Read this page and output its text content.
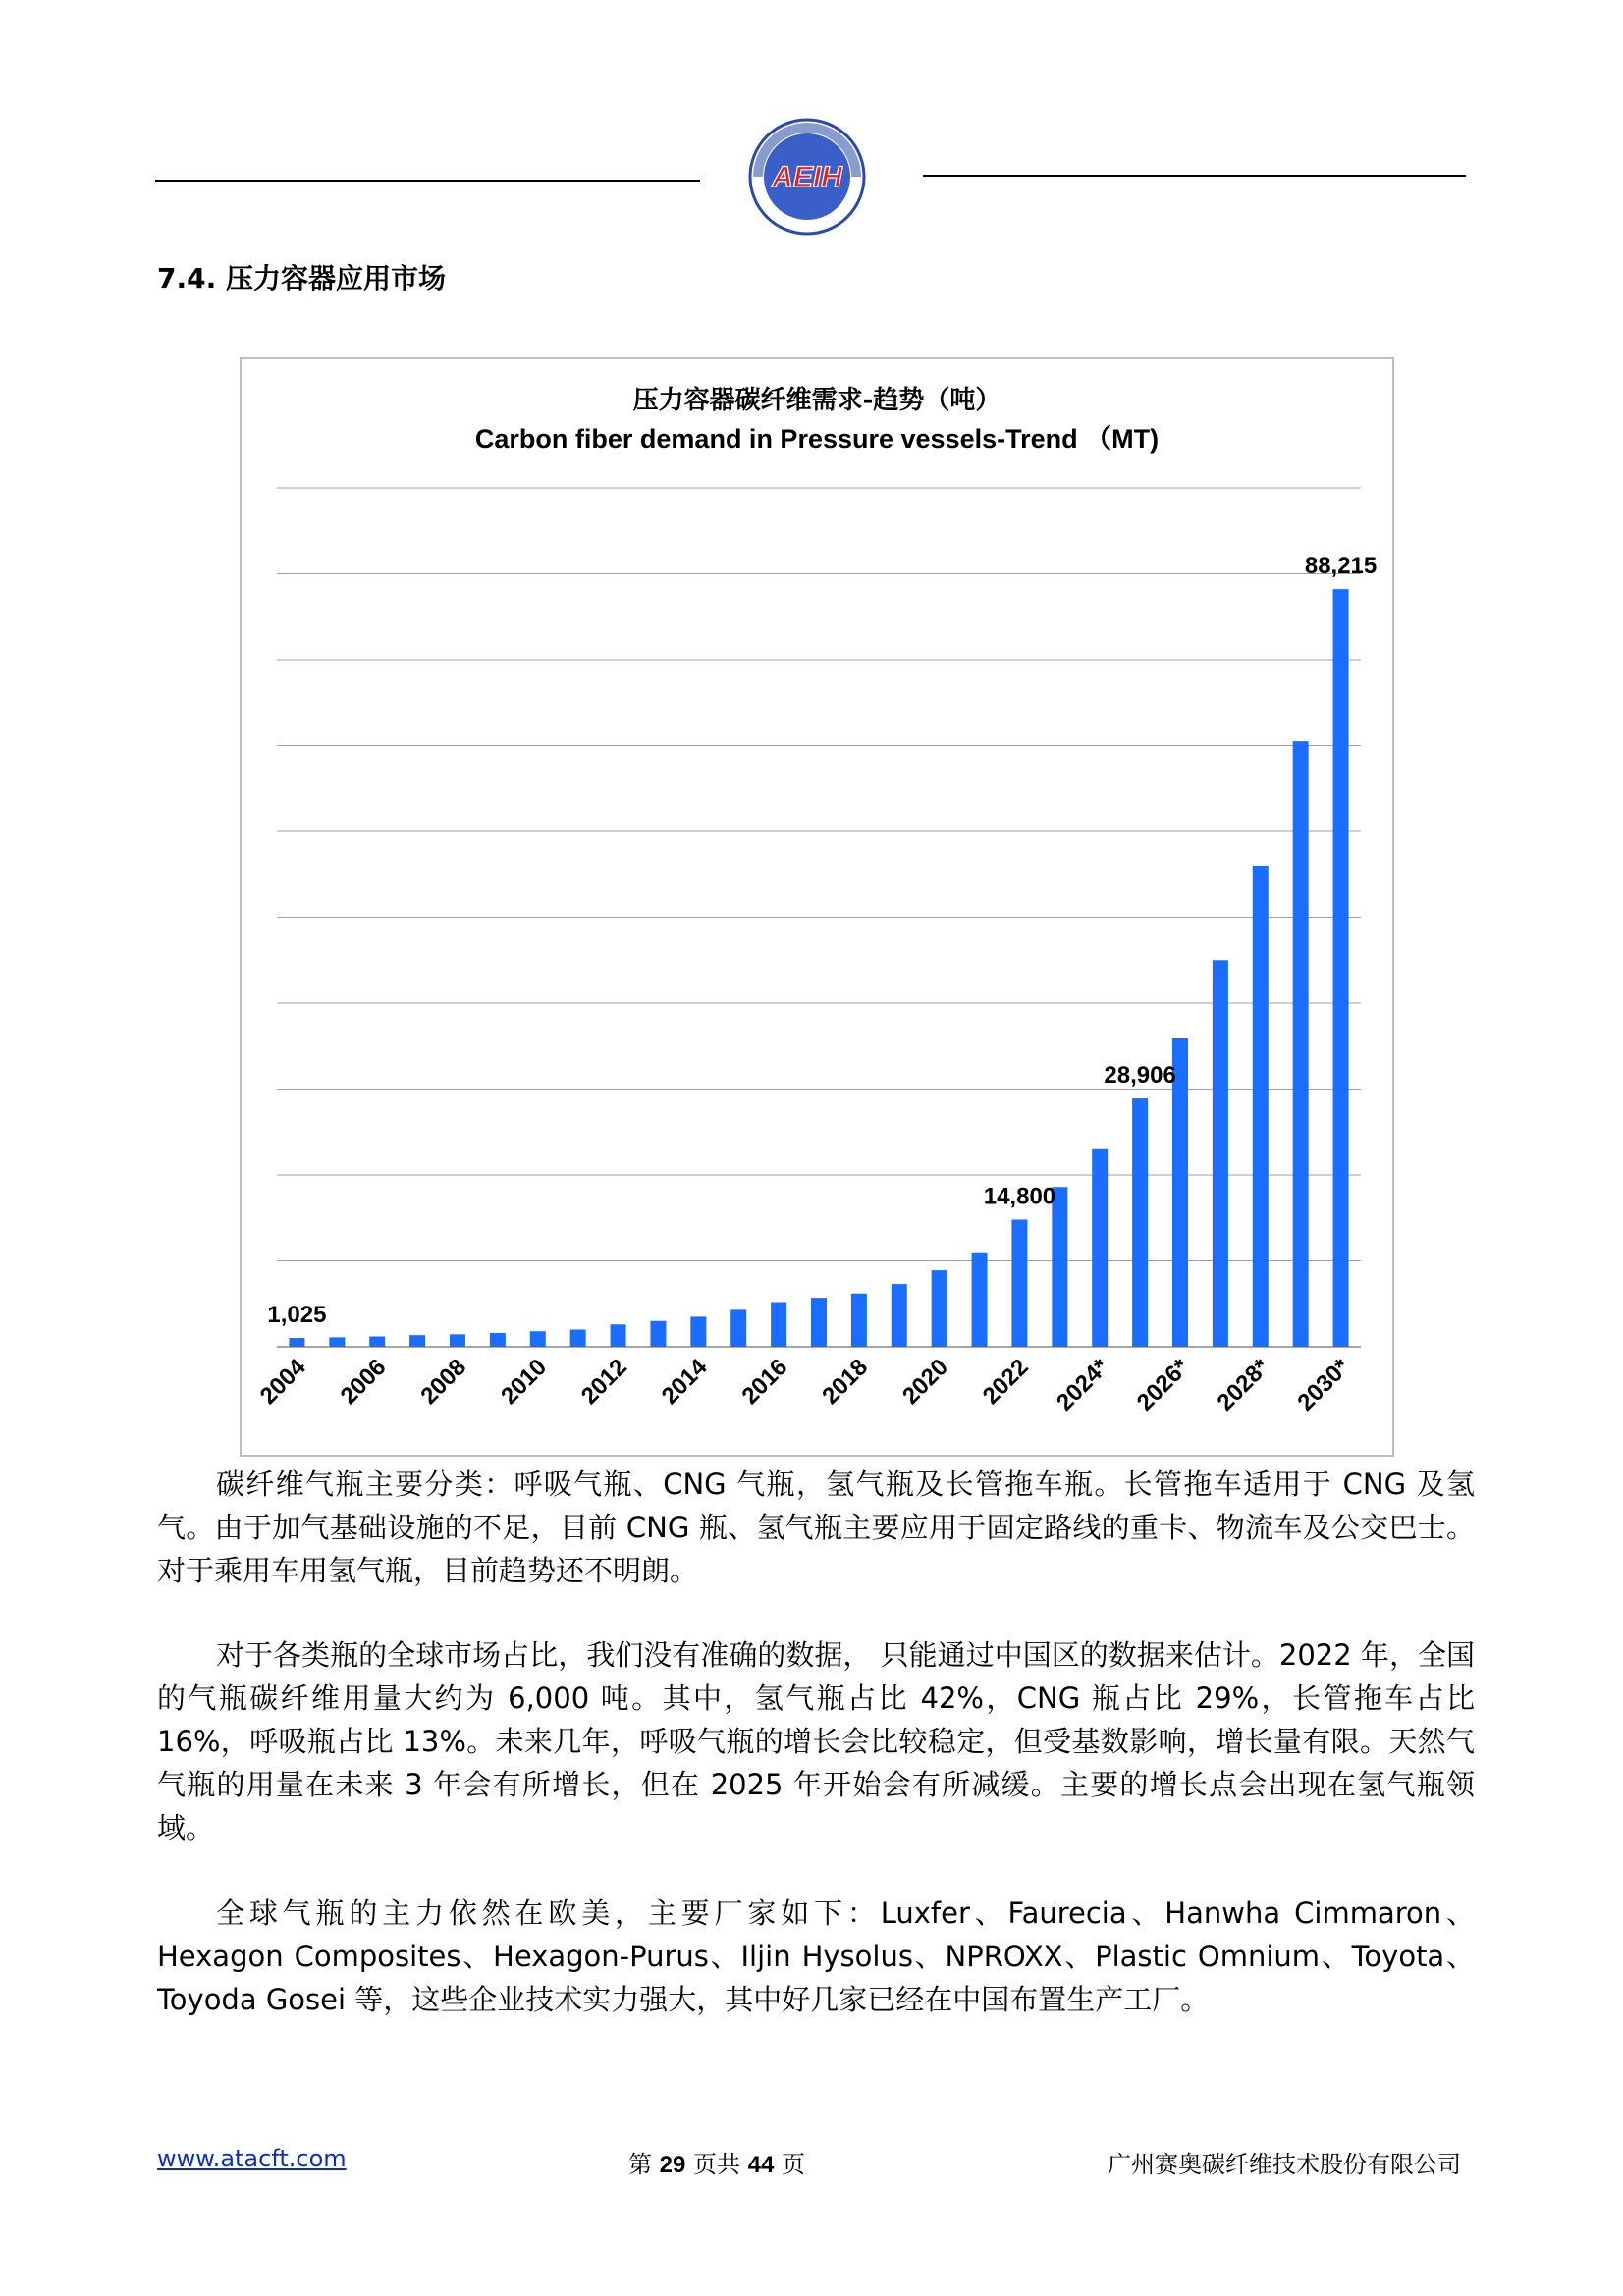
AEIH
7.4. 压力容器应用市场
压力容器碳纤维需求-趋势（吨）
Carbon fiber demand in Pressure vessels-Trend （MT)
1,025
14,800
28,906
88,215
2004 2006 2008 2010 2012 2014 2016 2018 2020 2022 2024* 2026* 2028* 2030*

碳纤维气瓶主要分类：呼吸气瓶、CNG 气瓶，氢气瓶及长管拖车瓶。长管拖车适用于 CNG 及氢气。由于加气基础设施的不足，目前 CNG 瓶、氢气瓶主要应用于固定路线的重卡、物流车及公交巴士。对于乘用车用氢气瓶，目前趋势还不明朗。

对于各类瓶的全球市场占比，我们没有准确的数据， 只能通过中国区的数据来估计。2022 年，全国的气瓶碳纤维用量大约为 6,000 吨。其中，氢气瓶占比 42%，CNG 瓶占比 29%，长管拖车占比 16%，呼吸瓶占比 13%。未来几年，呼吸气瓶的增长会比较稳定，但受基数影响，增长量有限。天然气气瓶的用量在未来 3 年会有所增长，但在 2025 年开始会有所减缓。主要的增长点会出现在氢气瓶领域。

全球气瓶的主力依然在欧美，主要厂家如下：Luxfer、Faurecia、Hanwha Cimmaron、Hexagon Composites、Hexagon-Purus、Iljin Hysolus、NPROXX、Plastic Omnium、Toyota、Toyoda Gosei 等，这些企业技术实力强大，其中好几家已经在中国布置生产工厂。

www.atacft.com	第 29 页共 44 页	广州赛奥碳纤维技术股份有限公司
